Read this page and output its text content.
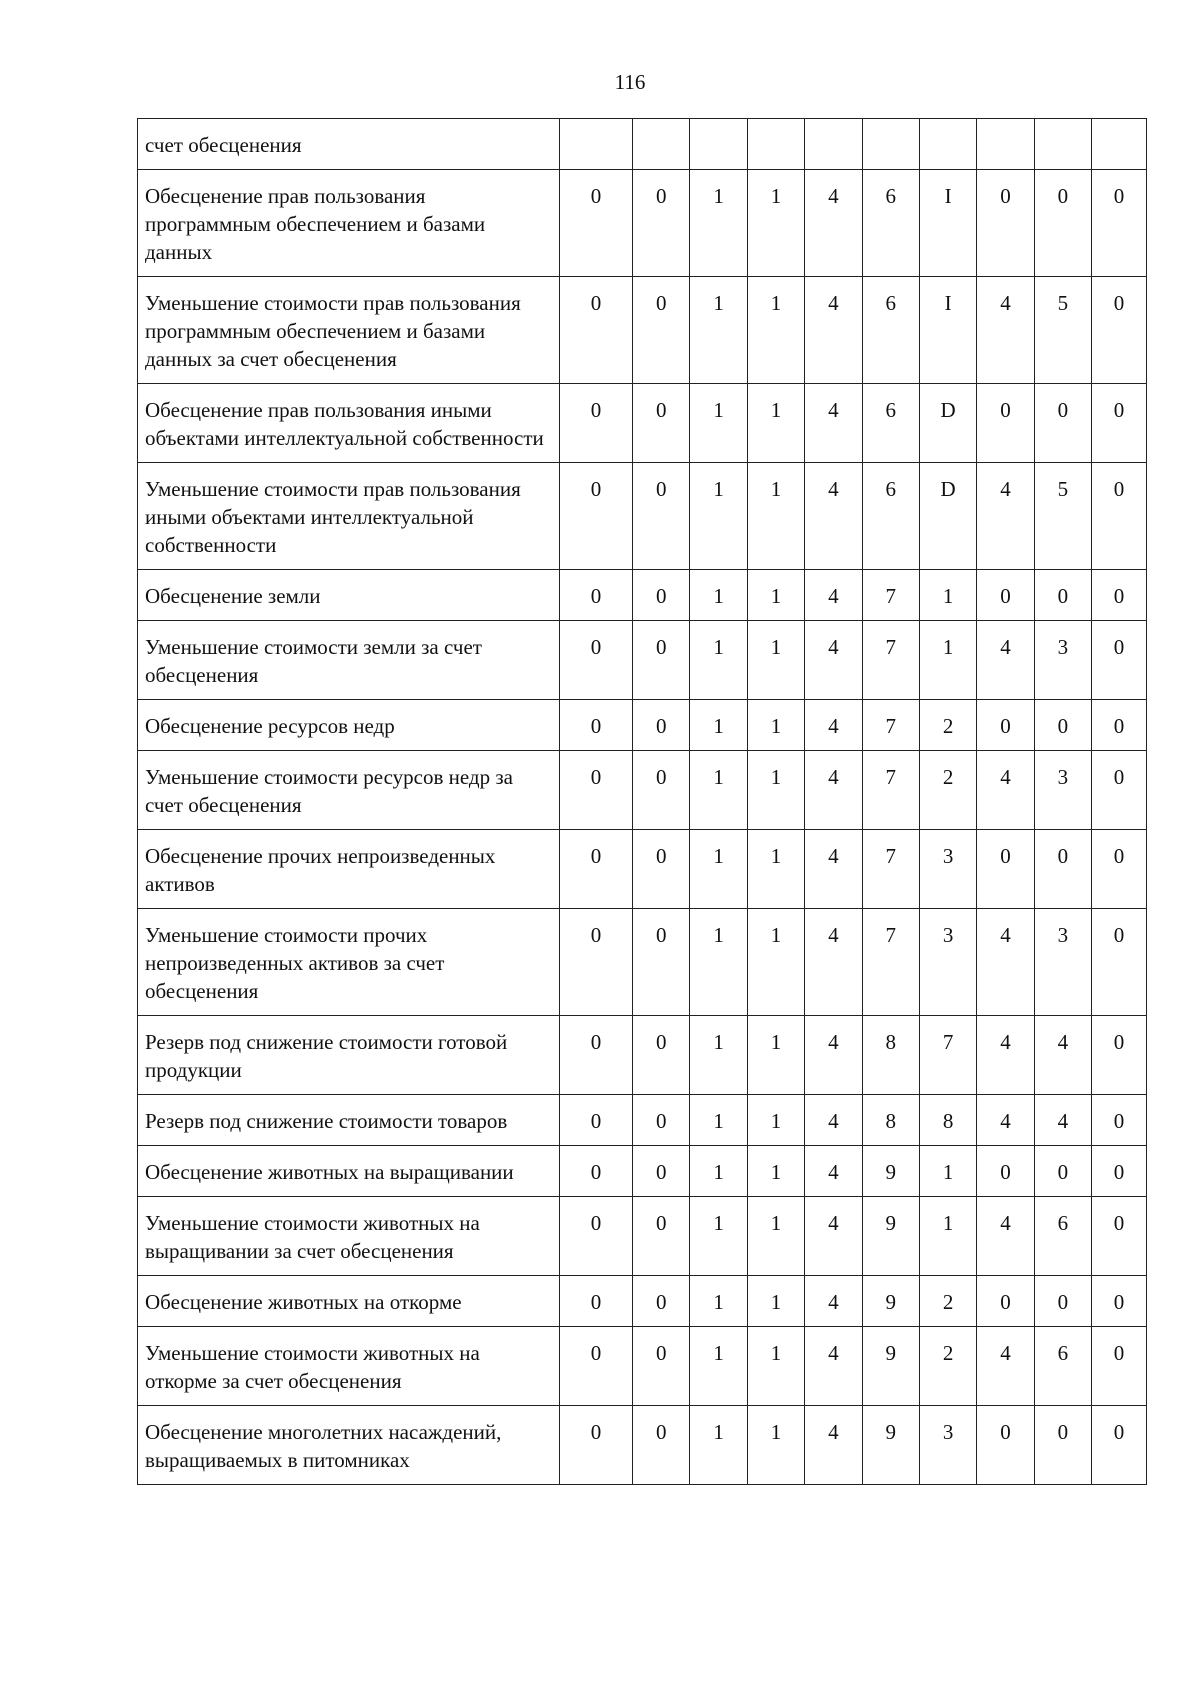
116
счет обесценения										
Обесценение прав пользования программным обеспечением и базами данных	0	0	1	1	4	6	I	0	0	0
Уменьшение стоимости прав пользования программным обеспечением и базами данных за счет обесценения	0	0	1	1	4	6	I	4	5	0
Обесценение прав пользования иными объектами интеллектуальной собственности	0	0	1	1	4	6	D	0	0	0
Уменьшение стоимости прав пользования иными объектами интеллектуальной собственности	0	0	1	1	4	6	D	4	5	0
Обесценение земли	0	0	1	1	4	7	1	0	0	0
Уменьшение стоимости земли за счет обесценения	0	0	1	1	4	7	1	4	3	0
Обесценение ресурсов недр	0	0	1	1	4	7	2	0	0	0
Уменьшение стоимости ресурсов недр за счет обесценения	0	0	1	1	4	7	2	4	3	0
Обесценение прочих непроизведенных активов	0	0	1	1	4	7	3	0	0	0
Уменьшение стоимости прочих непроизведенных активов за счет обесценения	0	0	1	1	4	7	3	4	3	0
Резерв под снижение стоимости готовой продукции	0	0	1	1	4	8	7	4	4	0
Резерв под снижение стоимости товаров	0	0	1	1	4	8	8	4	4	0
Обесценение животных на выращивании	0	0	1	1	4	9	1	0	0	0
Уменьшение стоимости животных на выращивании за счет обесценения	0	0	1	1	4	9	1	4	6	0
Обесценение животных на откорме	0	0	1	1	4	9	2	0	0	0
Уменьшение стоимости животных на откорме за счет обесценения	0	0	1	1	4	9	2	4	6	0
Обесценение многолетних насаждений, выращиваемых в питомниках	0	0	1	1	4	9	3	0	0	0
